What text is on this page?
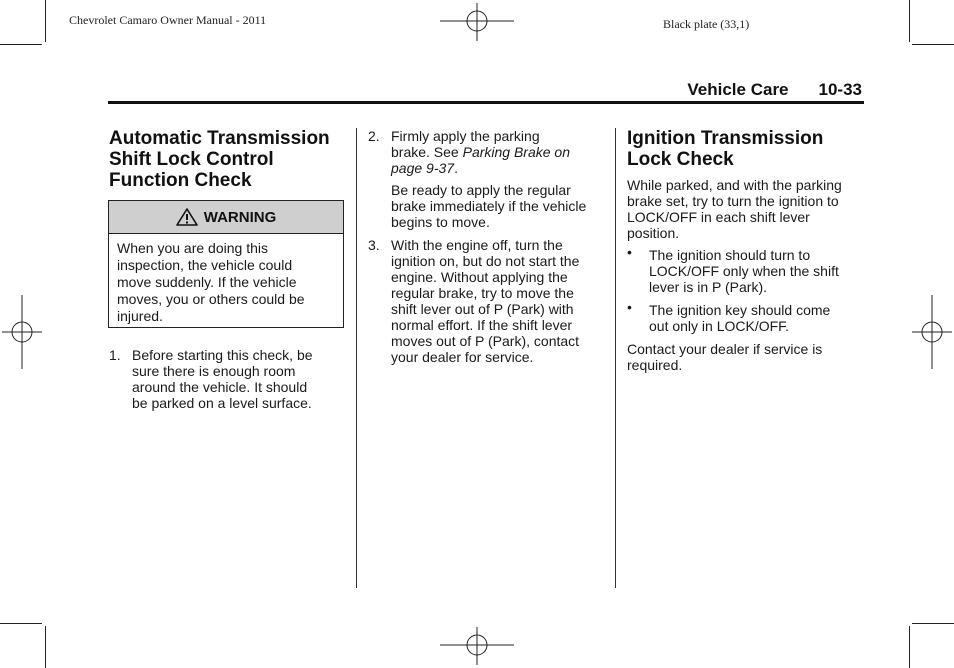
Chevrolet Camaro Owner Manual - 2011	Black plate (33,1)
Vehicle Care 10-33
Automatic Transmission
Shift Lock Control
Function Check
WARNING
When you are doing this
inspection, the vehicle could
move suddenly. If the vehicle
moves, you or others could be
injured.
1. Before starting this check, be
sure there is enough room
around the vehicle. It should
be parked on a level surface.
2. Firmly apply the parking
brake. See Parking Brake on
page 9-37.
Be ready to apply the regular
brake immediately if the vehicle
begins to move.
3. With the engine off, turn the
ignition on, but do not start the
engine. Without applying the
regular brake, try to move the
shift lever out of P (Park) with
normal effort. If the shift lever
moves out of P (Park), contact
your dealer for service.
Ignition Transmission
Lock Check
While parked, and with the parking
brake set, try to turn the ignition to
LOCK/OFF in each shift lever
position.
• The ignition should turn to
LOCK/OFF only when the shift
lever is in P (Park).
• The ignition key should come
out only in LOCK/OFF.
Contact your dealer if service is
required.
